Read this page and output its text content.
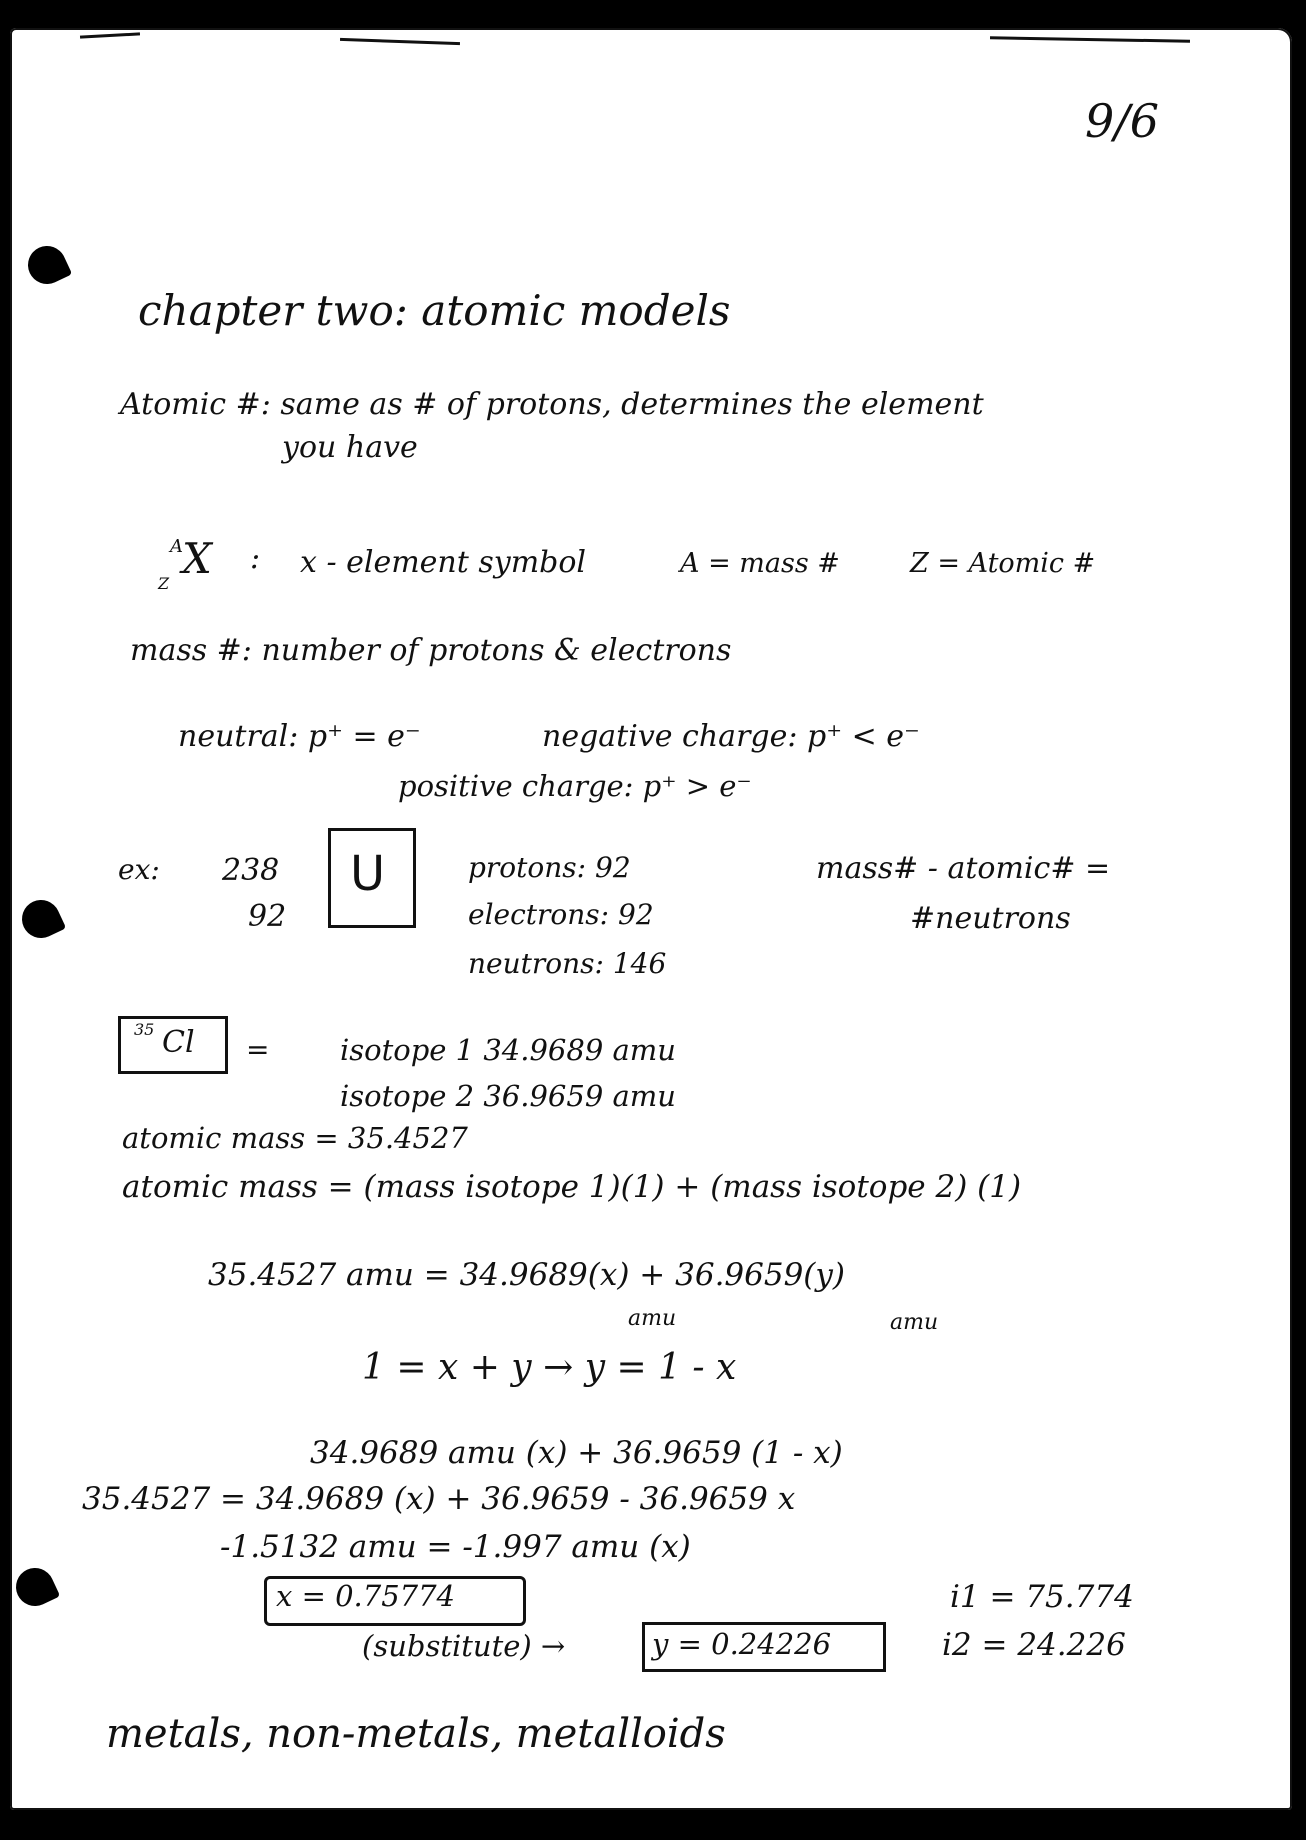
9/6
chapter two: atomic models
Atomic #: same as # of protons, determines the element
you have
A
Z
X : x - element symbol	A = mass #	Z = Atomic #
mass #: number of protons & electrons
neutral: p⁺ = e⁻	negative charge: p⁺ < e⁻
positive charge: p⁺ > e⁻
ex: 238
92
U	protons: 92
electrons: 92
neutrons: 146
mass# - atomic# =
#neutrons
35 Cl = isotope 1 34.9689 amu
isotope 2 36.9659 amu
atomic mass = 35.4527
atomic mass = (mass isotope 1)(1) + (mass isotope 2) (1)
35.4527 amu = 34.9689(x) + 36.9659(y)
amu	amu
1 = x + y → y = 1 - x
34.9689 amu (x) + 36.9659 (1 - x)
35.4527 = 34.9689 (x) + 36.9659 - 36.9659 x
-1.5132 amu = -1.997 amu (x)
x = 0.75774
(substitute) →	y = 0.24226
i1 = 75.774
i2 = 24.226
metals, non-metals, metalloids
